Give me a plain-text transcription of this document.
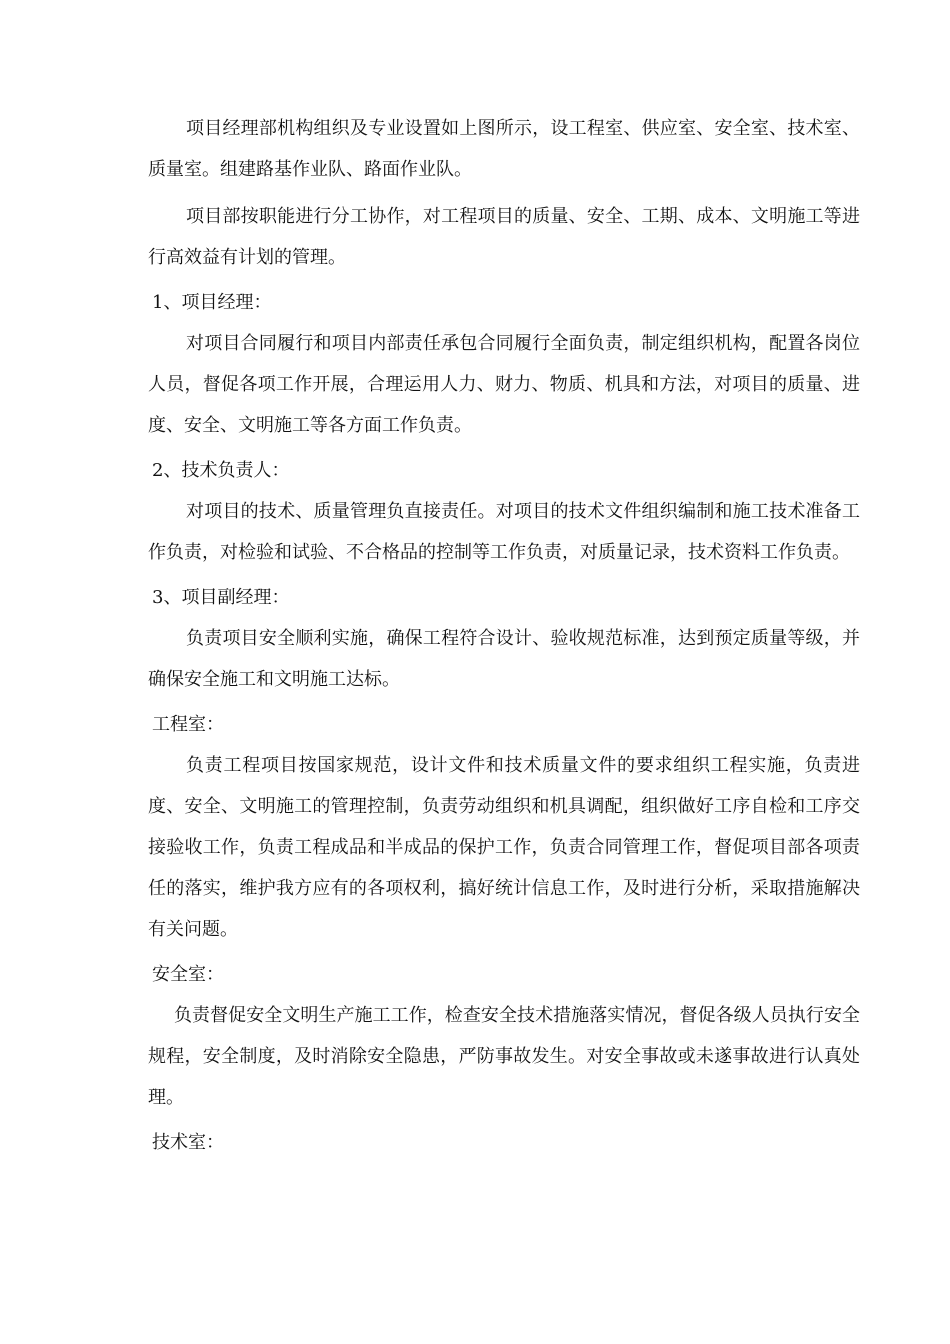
项目经理部机构组织及专业设置如上图所示，设工程室、供应室、安全室、技术室、质量室。组建路基作业队、路面作业队。

项目部按职能进行分工协作，对工程项目的质量、安全、工期、成本、文明施工等进行高效益有计划的管理。

1、项目经理：

对项目合同履行和项目内部责任承包合同履行全面负责，制定组织机构，配置各岗位人员，督促各项工作开展，合理运用人力、财力、物质、机具和方法，对项目的质量、进度、安全、文明施工等各方面工作负责。

2、技术负责人：

对项目的技术、质量管理负直接责任。对项目的技术文件组织编制和施工技术准备工作负责，对检验和试验、不合格品的控制等工作负责，对质量记录，技术资料工作负责。

3、项目副经理：

负责项目安全顺利实施，确保工程符合设计、验收规范标准，达到预定质量等级，并确保安全施工和文明施工达标。

工程室：

负责工程项目按国家规范，设计文件和技术质量文件的要求组织工程实施，负责进度、安全、文明施工的管理控制，负责劳动组织和机具调配，组织做好工序自检和工序交接验收工作，负责工程成品和半成品的保护工作，负责合同管理工作，督促项目部各项责任的落实，维护我方应有的各项权利，搞好统计信息工作，及时进行分析，采取措施解决有关问题。

安全室：

负责督促安全文明生产施工工作，检查安全技术措施落实情况，督促各级人员执行安全规程，安全制度，及时消除安全隐患，严防事故发生。对安全事故或未遂事故进行认真处理。

技术室：
